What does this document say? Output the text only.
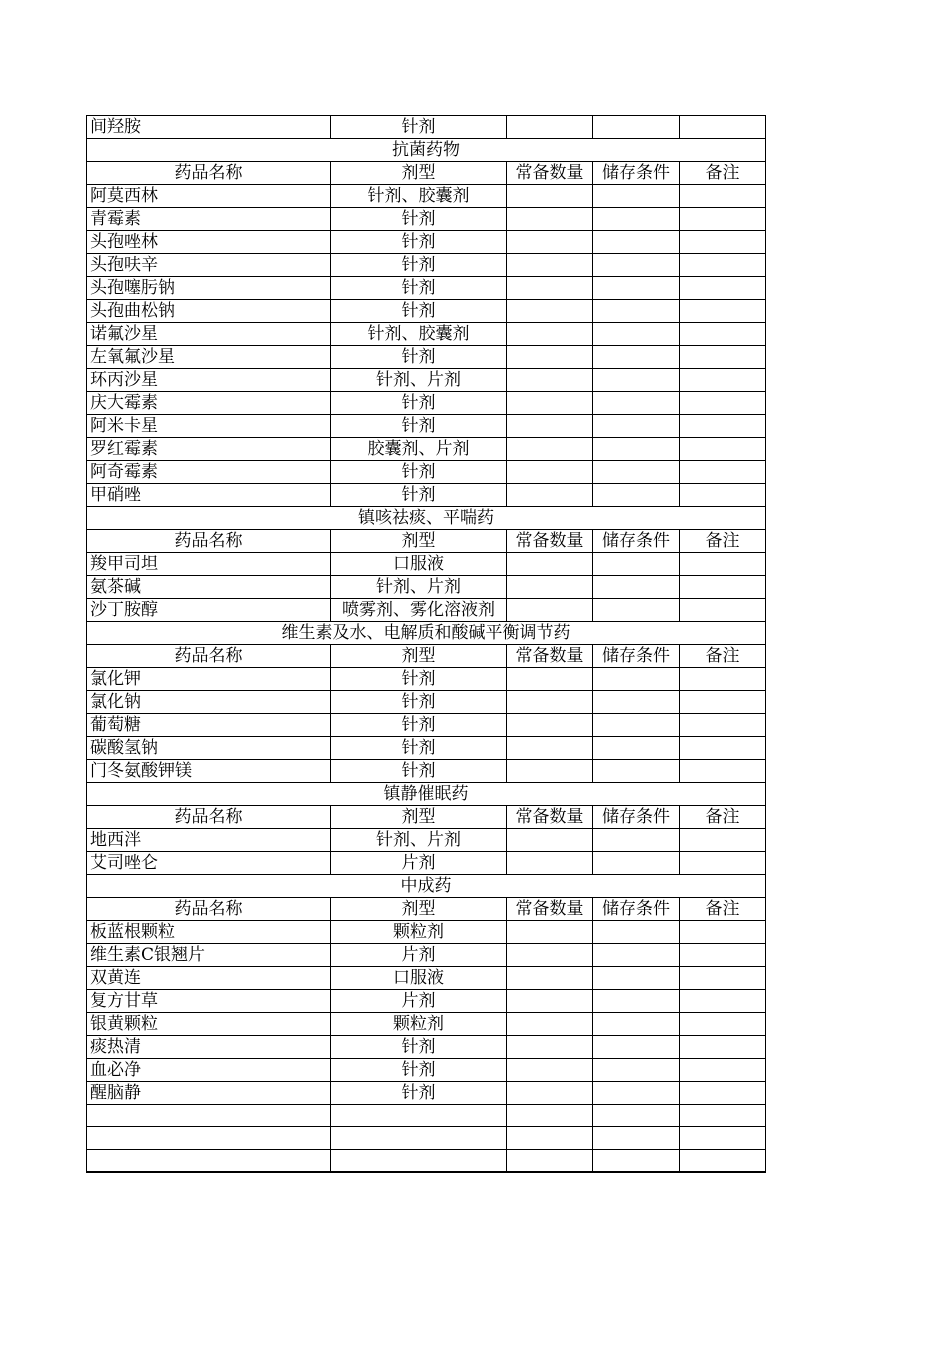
间羟胺	针剂			
抗菌药物				
药品名称	剂型	常备数量	储存条件	备注
阿莫西林	针剂、胶囊剂			
青霉素	针剂			
头孢唑林	针剂			
头孢呋辛	针剂			
头孢噻肟钠	针剂			
头孢曲松钠	针剂			
诺氟沙星	针剂、胶囊剂			
左氧氟沙星	针剂			
环丙沙星	针剂、片剂			
庆大霉素	针剂			
阿米卡星	针剂			
罗红霉素	胶囊剂、片剂			
阿奇霉素	针剂			
甲硝唑	针剂			
镇咳祛痰、平喘药				
药品名称	剂型	常备数量	储存条件	备注
羧甲司坦	口服液			
氨茶碱	针剂、片剂			
沙丁胺醇	喷雾剂、雾化溶液剂			
维生素及水、电解质和酸碱平衡调节药				
药品名称	剂型	常备数量	储存条件	备注
氯化钾	针剂			
氯化钠	针剂			
葡萄糖	针剂			
碳酸氢钠	针剂			
门冬氨酸钾镁	针剂			
镇静催眠药				
药品名称	剂型	常备数量	储存条件	备注
地西泮	针剂、片剂			
艾司唑仑	片剂			
中成药				
药品名称	剂型	常备数量	储存条件	备注
板蓝根颗粒	颗粒剂			
维生素C银翘片	片剂			
双黄连	口服液			
复方甘草	片剂			
银黄颗粒	颗粒剂			
痰热清	针剂			
血必净	针剂			
醒脑静	针剂			
